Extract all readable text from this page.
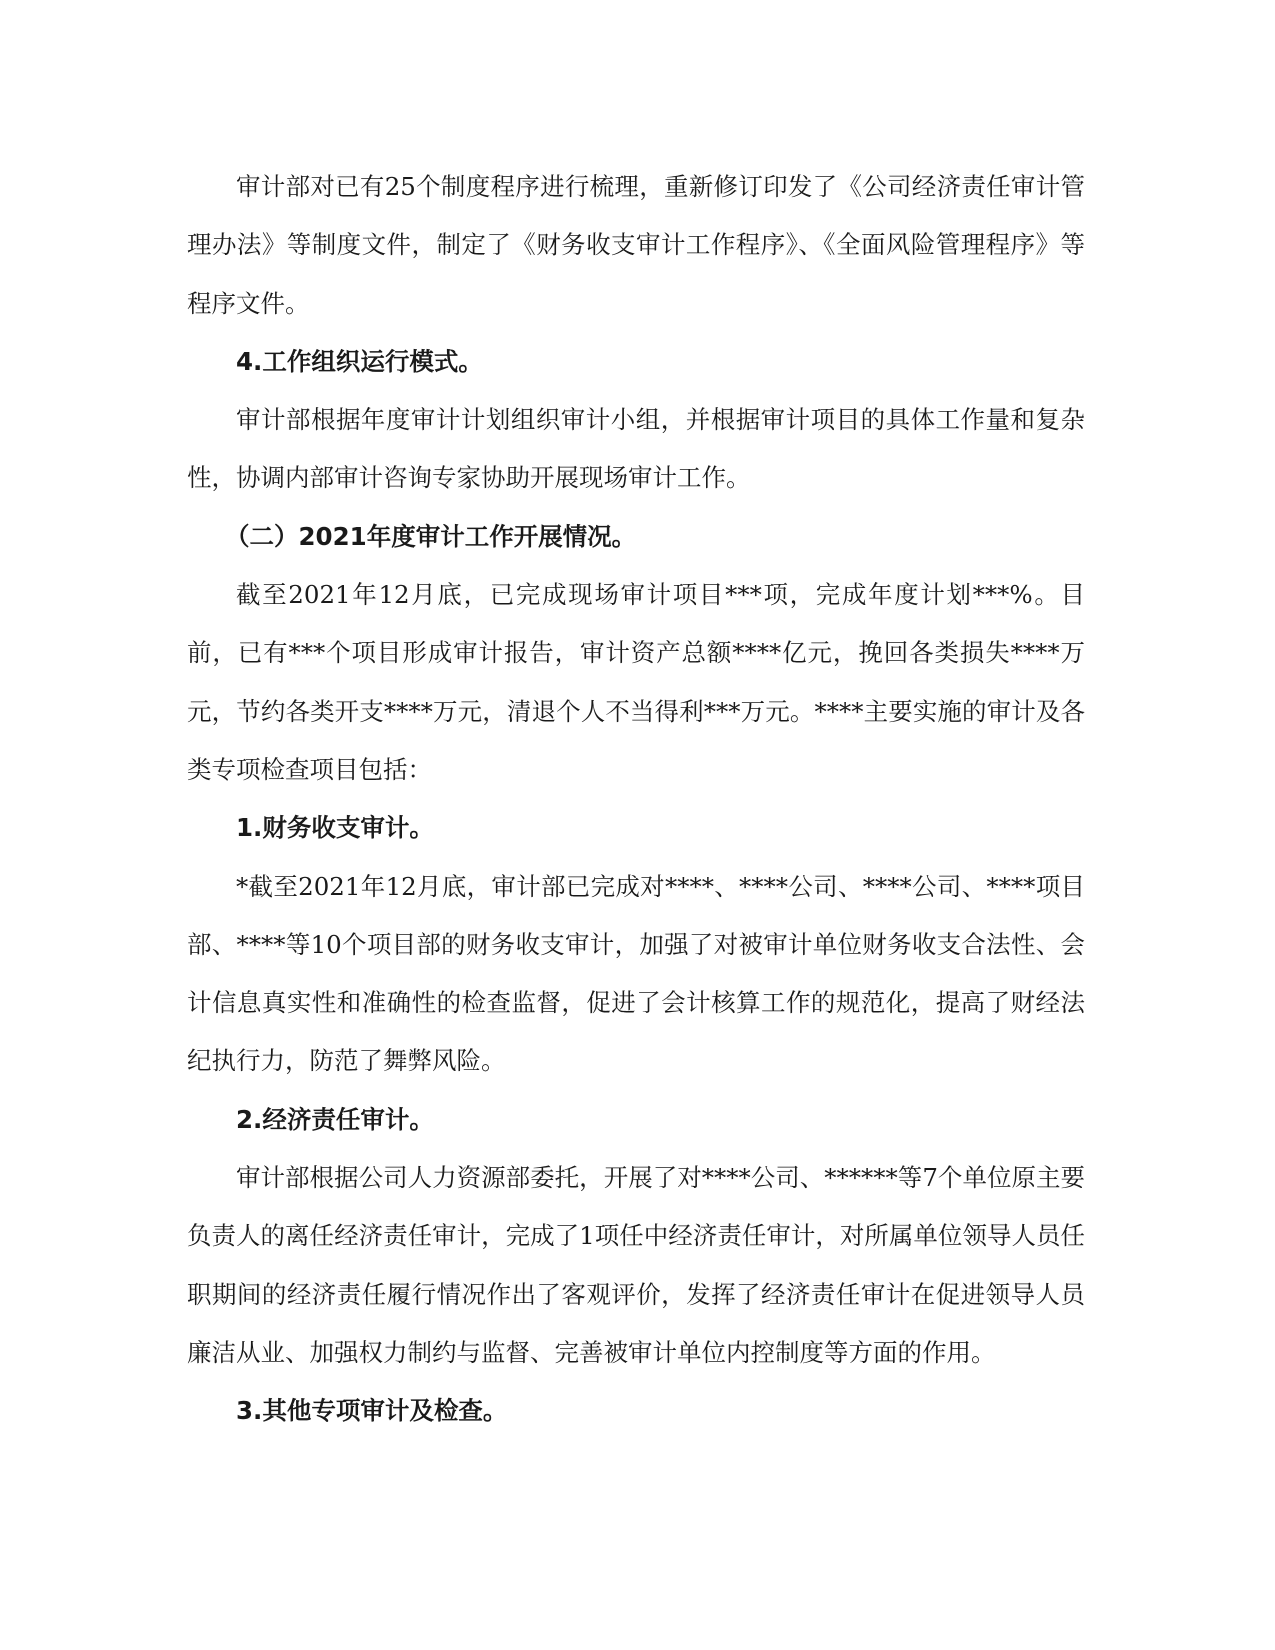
审计部对已有25个制度程序进行梳理，重新修订印发了《公司经济责任审计管理办法》等制度文件，制定了《财务收支审计工作程序》、《全面风险管理程序》等程序文件。

4.工作组织运行模式。

审计部根据年度审计计划组织审计小组，并根据审计项目的具体工作量和复杂性，协调内部审计咨询专家协助开展现场审计工作。

（二）2021年度审计工作开展情况。

截至2021年12月底，已完成现场审计项目***项，完成年度计划***%。目前，已有***个项目形成审计报告，审计资产总额****亿元，挽回各类损失****万元，节约各类开支****万元，清退个人不当得利***万元。****主要实施的审计及各类专项检查项目包括：

1.财务收支审计。

*截至2021年12月底，审计部已完成对****、****公司、****公司、****项目部、****等10个项目部的财务收支审计，加强了对被审计单位财务收支合法性、会计信息真实性和准确性的检查监督，促进了会计核算工作的规范化，提高了财经法纪执行力，防范了舞弊风险。

2.经济责任审计。

审计部根据公司人力资源部委托，开展了对****公司、******等7个单位原主要负责人的离任经济责任审计，完成了1项任中经济责任审计，对所属单位领导人员任职期间的经济责任履行情况作出了客观评价，发挥了经济责任审计在促进领导人员廉洁从业、加强权力制约与监督、完善被审计单位内控制度等方面的作用。

3.其他专项审计及检查。
